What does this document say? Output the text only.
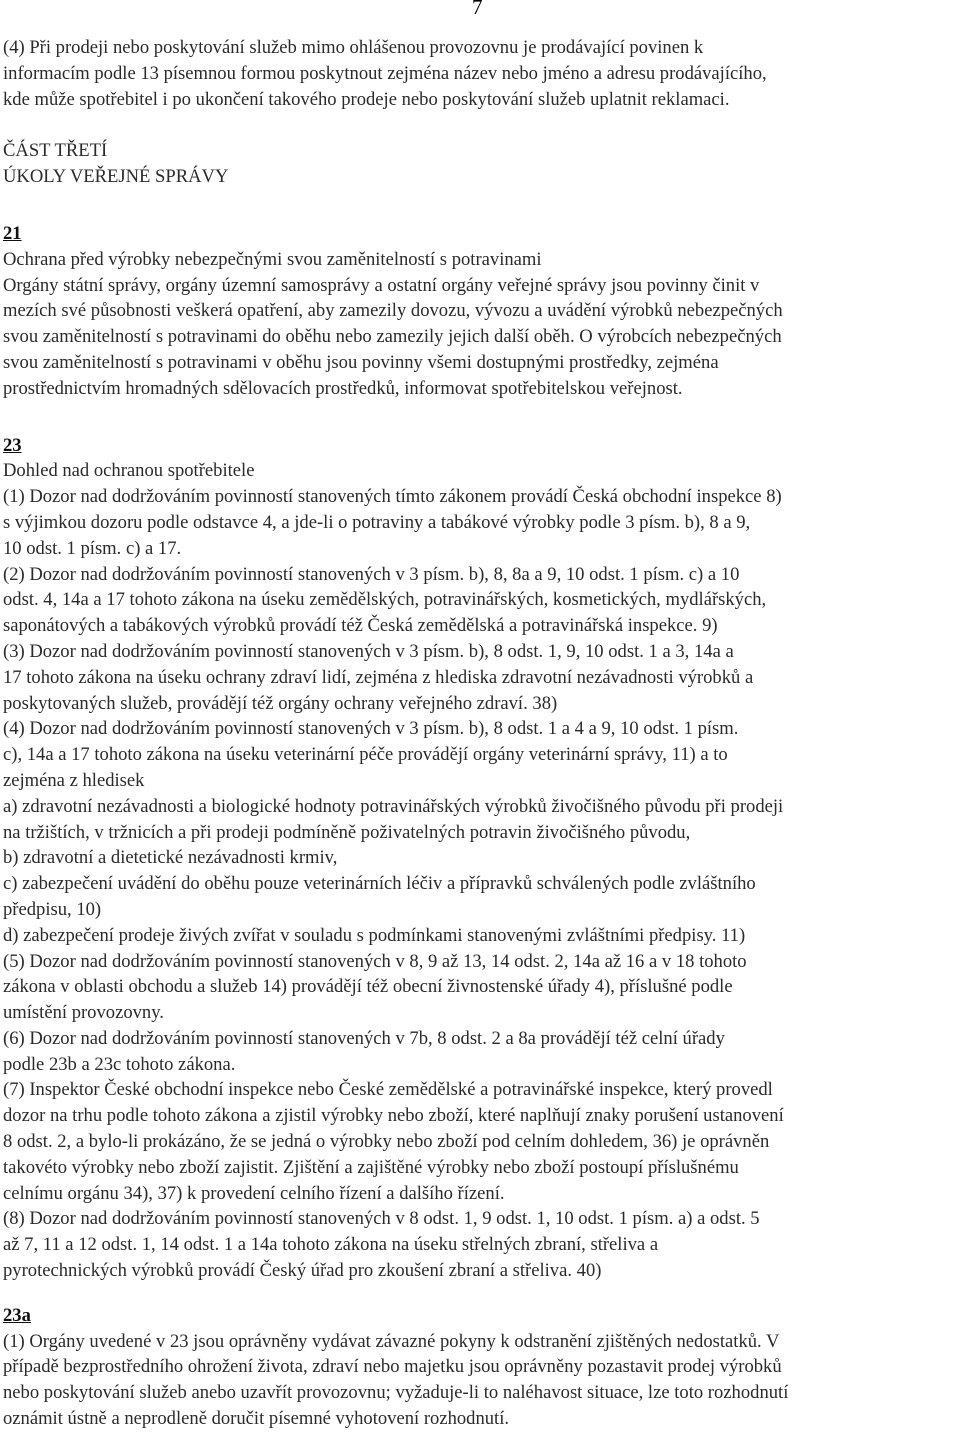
7
(4) Při prodeji nebo poskytování služeb mimo ohlášenou provozovnu je prodávající povinen k
informacím podle 13 písemnou formou poskytnout zejména název nebo jméno a adresu prodávajícího,
kde může spotřebitel i po ukončení takového prodeje nebo poskytování služeb uplatnit reklamaci.
ČÁST TŘETÍ
ÚKOLY VEŘEJNÉ SPRÁVY
21
Ochrana před výrobky nebezpečnými svou zaměnitelností s potravinami
Orgány státní správy, orgány územní samosprávy a ostatní orgány veřejné správy jsou povinny činit v
mezích své působnosti veškerá opatření, aby zamezily dovozu, vývozu a uvádění výrobků nebezpečných
svou zaměnitelností s potravinami do oběhu nebo zamezily jejich další oběh. O výrobcích nebezpečných
svou zaměnitelností s potravinami v oběhu jsou povinny všemi dostupnými prostředky, zejména
prostřednictvím hromadných sdělovacích prostředků, informovat spotřebitelskou veřejnost.
23
Dohled nad ochranou spotřebitele
(1) Dozor nad dodržováním povinností stanovených tímto zákonem provádí Česká obchodní inspekce 8)
s výjimkou dozoru podle odstavce 4, a jde-li o potraviny a tabákové výrobky podle 3 písm. b), 8 a 9,
10 odst. 1 písm. c) a 17.
(2) Dozor nad dodržováním povinností stanovených v 3 písm. b), 8, 8a a 9, 10 odst. 1 písm. c) a 10
odst. 4, 14a a 17 tohoto zákona na úseku zemědělských, potravinářských, kosmetických, mydlářských,
saponátových a tabákových výrobků provádí též Česká zemědělská a potravinářská inspekce. 9)
(3) Dozor nad dodržováním povinností stanovených v 3 písm. b), 8 odst. 1, 9, 10 odst. 1 a 3, 14a a
17 tohoto zákona na úseku ochrany zdraví lidí, zejména z hlediska zdravotní nezávadnosti výrobků a
poskytovaných služeb, provádějí též orgány ochrany veřejného zdraví. 38)
(4) Dozor nad dodržováním povinností stanovených v 3 písm. b), 8 odst. 1 a 4 a 9, 10 odst. 1 písm.
c), 14a a 17 tohoto zákona na úseku veterinární péče provádějí orgány veterinární správy, 11) a to
zejména z hledisek
a) zdravotní nezávadnosti a biologické hodnoty potravinářských výrobků živočišného původu při prodeji
na tržištích, v tržnicích a při prodeji podmíněně poživatelných potravin živočišného původu,
b) zdravotní a dietetické nezávadnosti krmiv,
c) zabezpečení uvádění do oběhu pouze veterinárních léčiv a přípravků schválených podle zvláštního
předpisu, 10)
d) zabezpečení prodeje živých zvířat v souladu s podmínkami stanovenými zvláštními předpisy. 11)
(5) Dozor nad dodržováním povinností stanovených v 8, 9 až 13, 14 odst. 2, 14a až 16 a v 18 tohoto
zákona v oblasti obchodu a služeb 14) provádějí též obecní živnostenské úřady 4), příslušné podle
umístění provozovny.
(6) Dozor nad dodržováním povinností stanovených v 7b, 8 odst. 2 a 8a provádějí též celní úřady
podle 23b a 23c tohoto zákona.
(7) Inspektor České obchodní inspekce nebo České zemědělské a potravinářské inspekce, který provedl
dozor na trhu podle tohoto zákona a zjistil výrobky nebo zboží, které naplňují znaky porušení ustanovení
8 odst. 2, a bylo-li prokázáno, že se jedná o výrobky nebo zboží pod celním dohledem, 36) je oprávněn
takovéto výrobky nebo zboží zajistit. Zjištění a zajištěné výrobky nebo zboží postoupí příslušnému
celnímu orgánu 34), 37) k provedení celního řízení a dalšího řízení.
(8) Dozor nad dodržováním povinností stanovených v 8 odst. 1, 9 odst. 1, 10 odst. 1 písm. a) a odst. 5
až 7, 11 a 12 odst. 1, 14 odst. 1 a 14a tohoto zákona na úseku střelných zbraní, střeliva a
pyrotechnických výrobků provádí Český úřad pro zkoušení zbraní a střeliva. 40)
23a
(1) Orgány uvedené v 23 jsou oprávněny vydávat závazné pokyny k odstranění zjištěných nedostatků. V
případě bezprostředního ohrožení života, zdraví nebo majetku jsou oprávněny pozastavit prodej výrobků
nebo poskytování služeb anebo uzavřít provozovnu; vyžaduje-li to naléhavost situace, lze toto rozhodnutí
oznámit ústně a neprodleně doručit písemné vyhotovení rozhodnutí.
